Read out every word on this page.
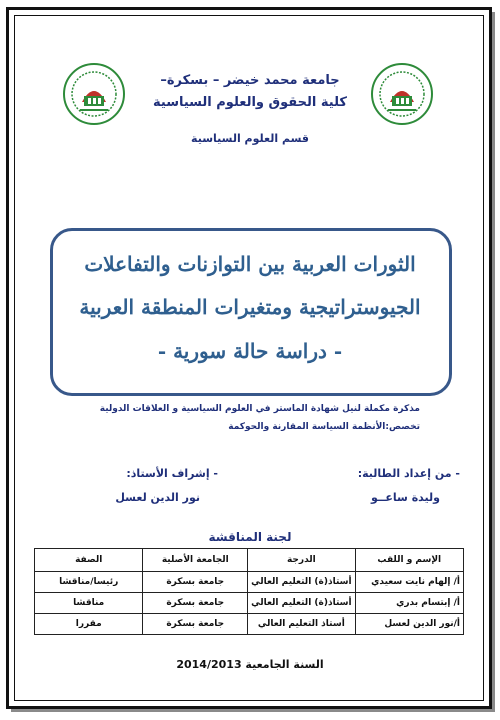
جامعة محمد خيضر – بسكرة–
كلية الحقوق والعلوم السياسية
قسم العلوم السياسية
الثورات العربية بين التوازنات والتفاعلات
الجيوستراتيجية ومتغيرات المنطقة العربية
- دراسة حالة سورية -
مذكرة مكملة لنيل شهادة الماستر في العلوم السياسية و العلاقات الدولية
تخصص:الأنظمة السياسة المقارنة والحوكمة
- من إعداد الطالبة:
وليدة ساعــو
- إشراف الأستاذ:
نور الدين لعسل
لجنة المناقشة
الإسم و اللقب	الدرجة	الجامعة الأصلية	الصفة
أ/ إلهام نايت سعيدي	أستاذ(ة) التعليم العالي	جامعة بسكرة	رئيسا/مناقشا
أ/ إبتسام بدري	أستاذ(ة) التعليم العالي	جامعة بسكرة	مناقشا
أ/نور الدين لعسل	أستاذ التعليم العالي	جامعة بسكرة	مقررا
السنة الجامعية 2014/2013
